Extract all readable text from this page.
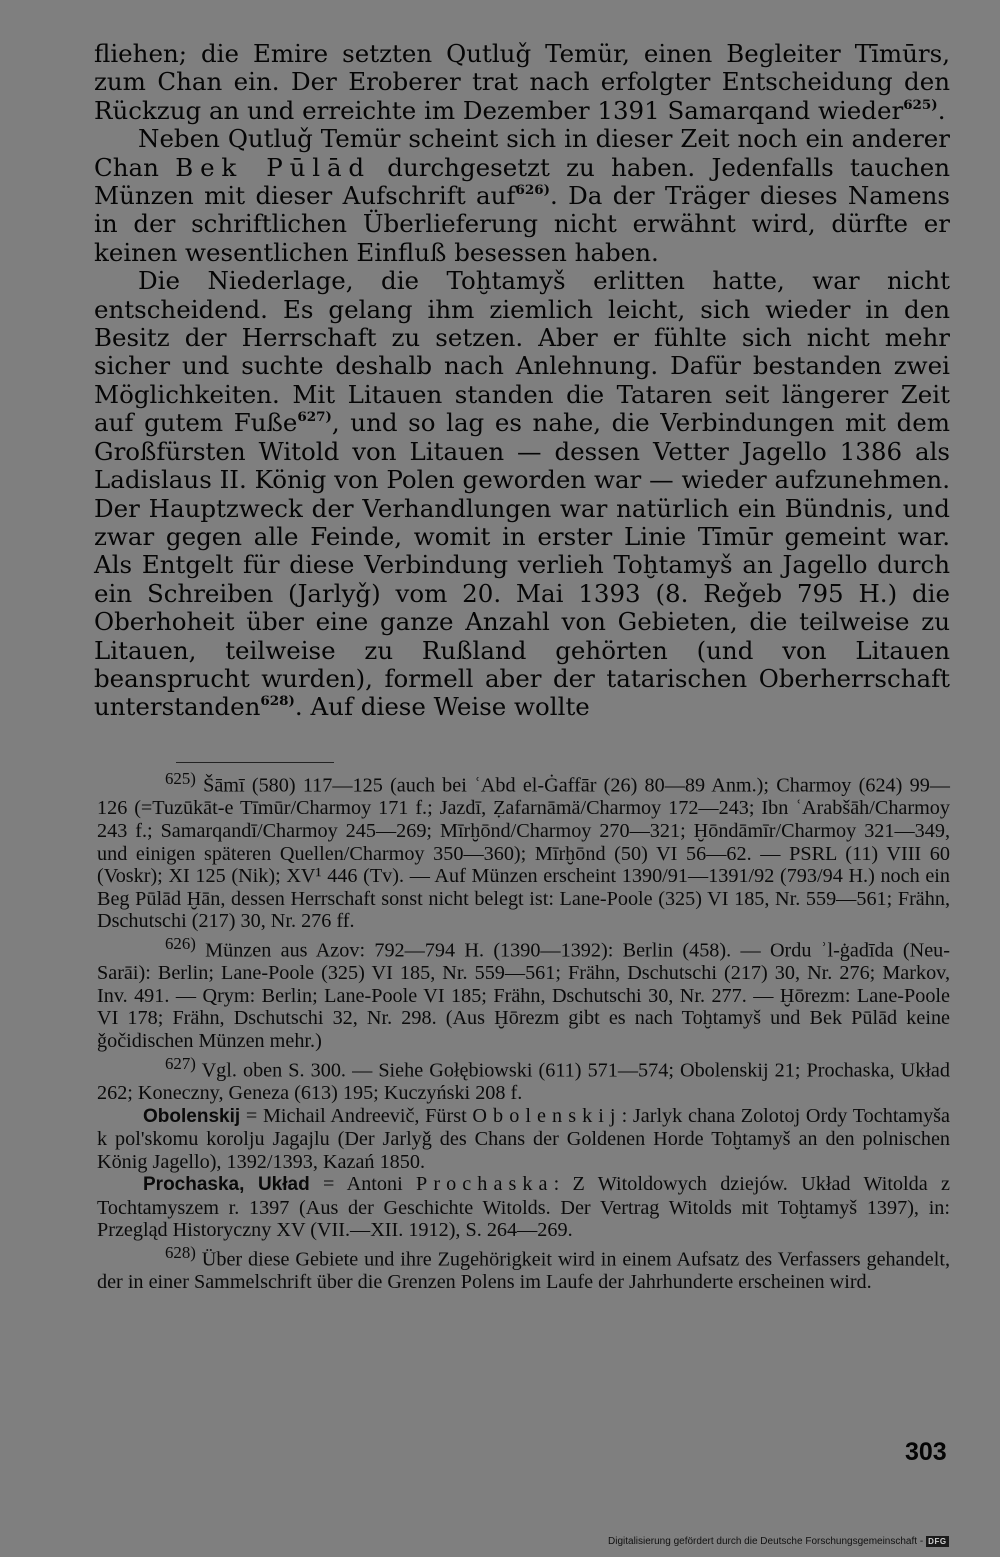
fliehen; die Emire setzten Qutluǧ Temür, einen Begleiter Tīmūrs, zum Chan ein. Der Eroberer trat nach erfolgter Entscheidung den Rückzug an und erreichte im Dezember 1391 Samarqand wieder$^{625)}$.

Neben Qutluǧ Temür scheint sich in dieser Zeit noch ein anderer Chan Bek Pūlād durchgesetzt zu haben. Jedenfalls tauchen Münzen mit dieser Aufschrift auf$^{626)}$. Da der Träger dieses Namens in der schriftlichen Überlieferung nicht erwähnt wird, dürfte er keinen wesentlichen Einfluß besessen haben.

Die Niederlage, die Toḫtamyš erlitten hatte, war nicht entscheidend. Es gelang ihm ziemlich leicht, sich wieder in den Besitz der Herrschaft zu setzen. Aber er fühlte sich nicht mehr sicher und suchte deshalb nach Anlehnung. Dafür bestanden zwei Möglichkeiten. Mit Litauen standen die Tataren seit längerer Zeit auf gutem Fuße$^{627)}$, und so lag es nahe, die Verbindungen mit dem Großfürsten Witold von Litauen — dessen Vetter Jagello 1386 als Ladislaus II. König von Polen geworden war — wieder aufzunehmen. Der Hauptzweck der Verhandlungen war natürlich ein Bündnis, und zwar gegen alle Feinde, womit in erster Linie Tīmūr gemeint war. Als Entgelt für diese Verbindung verlieh Toḫtamyš an Jagello durch ein Schreiben (Jarlyǧ) vom 20. Mai 1393 (8. Reǧeb 795 H.) die Oberhoheit über eine ganze Anzahl von Gebieten, die teilweise zu Litauen, teilweise zu Rußland gehörten (und von Litauen beansprucht wurden), formell aber der tatarischen Oberherrschaft unterstanden$^{628)}$. Auf diese Weise wollte

$^{625)}$ Šāmī (580) 117—125 (auch bei ʿAbd el-Ġaffār (26) 80—89 Anm.); Charmoy (624) 99—126 (=Tuzūkāt-e Tīmūr/Charmoy 171 f.; Jazdī, Ẓafarnāmä/Charmoy 172—243; Ibn ʿArabšāh/Charmoy 243 f.; Samarqandī/Charmoy 245—269; Mīrḫōnd/Charmoy 270—321; Ḫōndāmīr/Charmoy 321—349, und einigen späteren Quellen/Charmoy 350—360); Mīrḫōnd (50) VI 56—62. — PSRL (11) VIII 60 (Voskr); XI 125 (Nik); XV¹ 446 (Tv). — Auf Münzen erscheint 1390/91—1391/92 (793/94 H.) noch ein Beg Pūlād Ḫān, dessen Herrschaft sonst nicht belegt ist: Lane-Poole (325) VI 185, Nr. 559—561; Frähn, Dschutschi (217) 30, Nr. 276 ff.

$^{626)}$ Münzen aus Azov: 792—794 H. (1390—1392): Berlin (458). — Ordu ʾl-ġadīda (Neu-Sarāi): Berlin; Lane-Poole (325) VI 185, Nr. 559—561; Frähn, Dschutschi (217) 30, Nr. 276; Markov, Inv. 491. — Qrym: Berlin; Lane-Poole VI 185; Frähn, Dschutschi 30, Nr. 277. — Ḫōrezm: Lane-Poole VI 178; Frähn, Dschutschi 32, Nr. 298. (Aus Ḫōrezm gibt es nach Toḫtamyš und Bek Pūlād keine ǧočidischen Münzen mehr.)

$^{627)}$ Vgl. oben S. 300. — Siehe Gołębiowski (611) 571—574; Obolenskij 21; Prochaska, Układ 262; Koneczny, Geneza (613) 195; Kuczyński 208 f.

Obolenskij = Michail Andreevič, Fürst Obolenskij: Jarlyk chana Zolotoj Ordy Tochtamyša k pol'skomu korolju Jagajlu (Der Jarlyǧ des Chans der Goldenen Horde Toḫtamyš an den polnischen König Jagello), 1392/1393, Kazań 1850.

Prochaska, Układ = Antoni Prochaska: Z Witoldowych dziejów. Układ Witolda z Tochtamyszem r. 1397 (Aus der Geschichte Witolds. Der Vertrag Witolds mit Toḫtamyš 1397), in: Przegląd Historyczny XV (VII.—XII. 1912), S. 264—269.

$^{628)}$ Über diese Gebiete und ihre Zugehörigkeit wird in einem Aufsatz des Verfassers gehandelt, der in einer Sammelschrift über die Grenzen Polens im Laufe der Jahrhunderte erscheinen wird.

303
Digitalisierung gefördert durch die Deutsche Forschungsgemeinschaft - DFG
